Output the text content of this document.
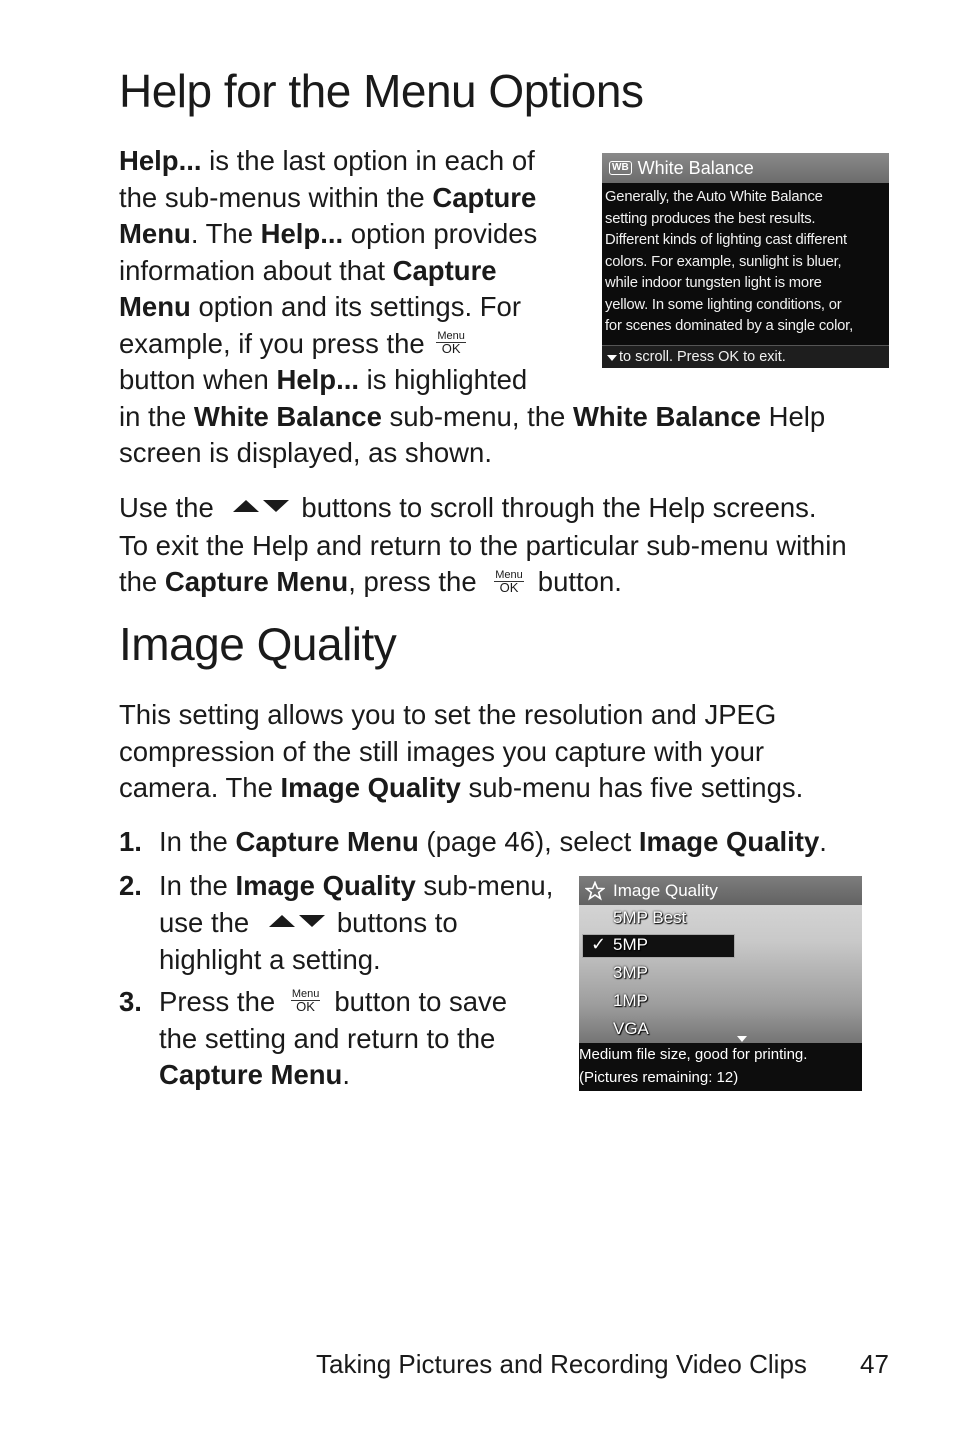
Help for the Menu Options
Help... is the last option in each of
the sub-menus within the Capture
Menu. The Help... option provides
information about that Capture
Menu option and its settings. For
example, if you press the Menu
OK
button when Help... is highlighted
in the White Balance sub-menu, the White Balance Help
screen is displayed, as shown.
WB White Balance
Generally, the Auto White Balance
setting produces the best results.
Different kinds of lighting cast different
colors. For example, sunlight is bluer,
while indoor tungsten light is more
yellow. In some lighting conditions, or
for scenes dominated by a single color,
to scroll. Press OK to exit.
Use the	buttons to scroll through the Help screens.
To exit the Help and return to the particular sub-menu within
the Capture Menu, press the Menu
OK button.
Image Quality
This setting allows you to set the resolution and JPEG
compression of the still images you capture with your
camera. The Image Quality sub-menu has five settings.
1. In the Capture Menu (page 46), select Image Quality.
2. In the Image Quality sub-menu,
use the	buttons to
highlight a setting.
3. Press the Menu
OK button to save
the setting and return to the
Capture Menu.
Image Quality
✓
5MP Best
5MP
3MP
1MP
VGA
Medium file size, good for printing.
(Pictures remaining: 12)
Taking Pictures and Recording Video Clips 47
